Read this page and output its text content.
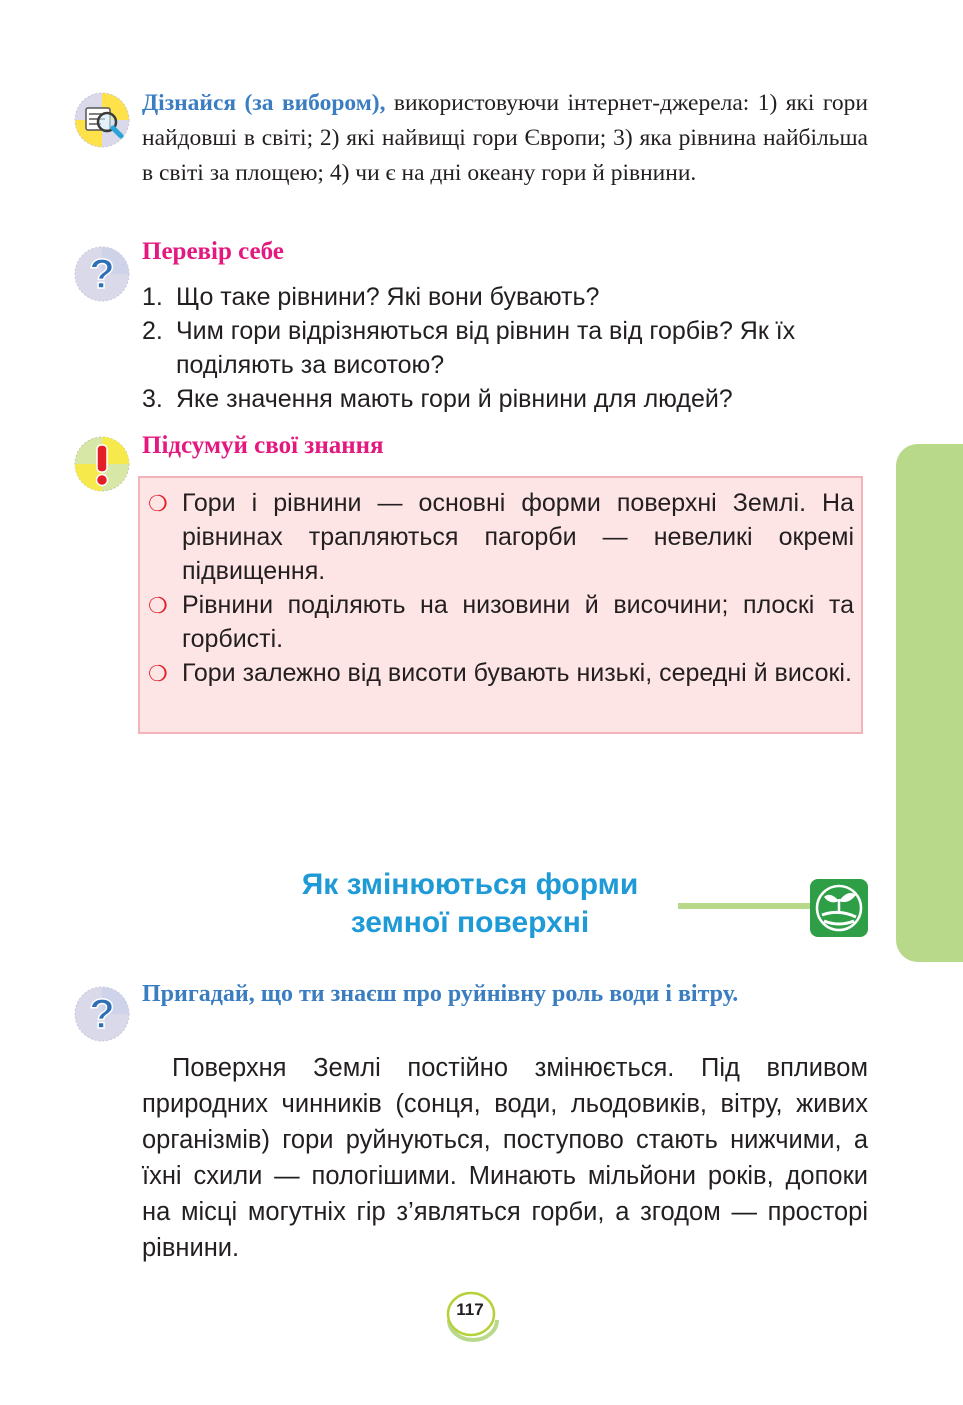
Дізнайся (за вибором), використовуючи інтернет-джерела: 1) які гори найдовші в світі; 2) які найвищі гори Європи; 3) яка рівнина найбільша в світі за площею; 4) чи є на дні океану гори й рівнини.
? Перевір себе
1. Що таке рівнини? Які вони бувають?
2. Чим гори відрізняються від рівнин та від горбів? Як їх поділяють за висотою?
3. Яке значення мають гори й рівнини для людей?
Підсумуй свої знання
❍ Гори і рівнини — основні форми поверхні Землі. На рівнинах трапляються пагорби — невеликі окремі підвищення.
❍ Рівнини поділяють на низовини й височини; плоскі та горбисті.
❍ Гори залежно від висоти бувають низькі, середні й високі.
Як змінюються форми
земної поверхні
? Пригадай, що ти знаєш про руйнівну роль води і вітру.
Поверхня Землі постійно змінюється. Під впливом природних чинників (сонця, води, льодовиків, вітру, живих організмів) гори руйнуються, поступово стають нижчими, а їхні схили — пологішими. Минають мільйони років, допоки на місці могутніх гір з’являться горби, а згодом — просторі рівнини.
117
